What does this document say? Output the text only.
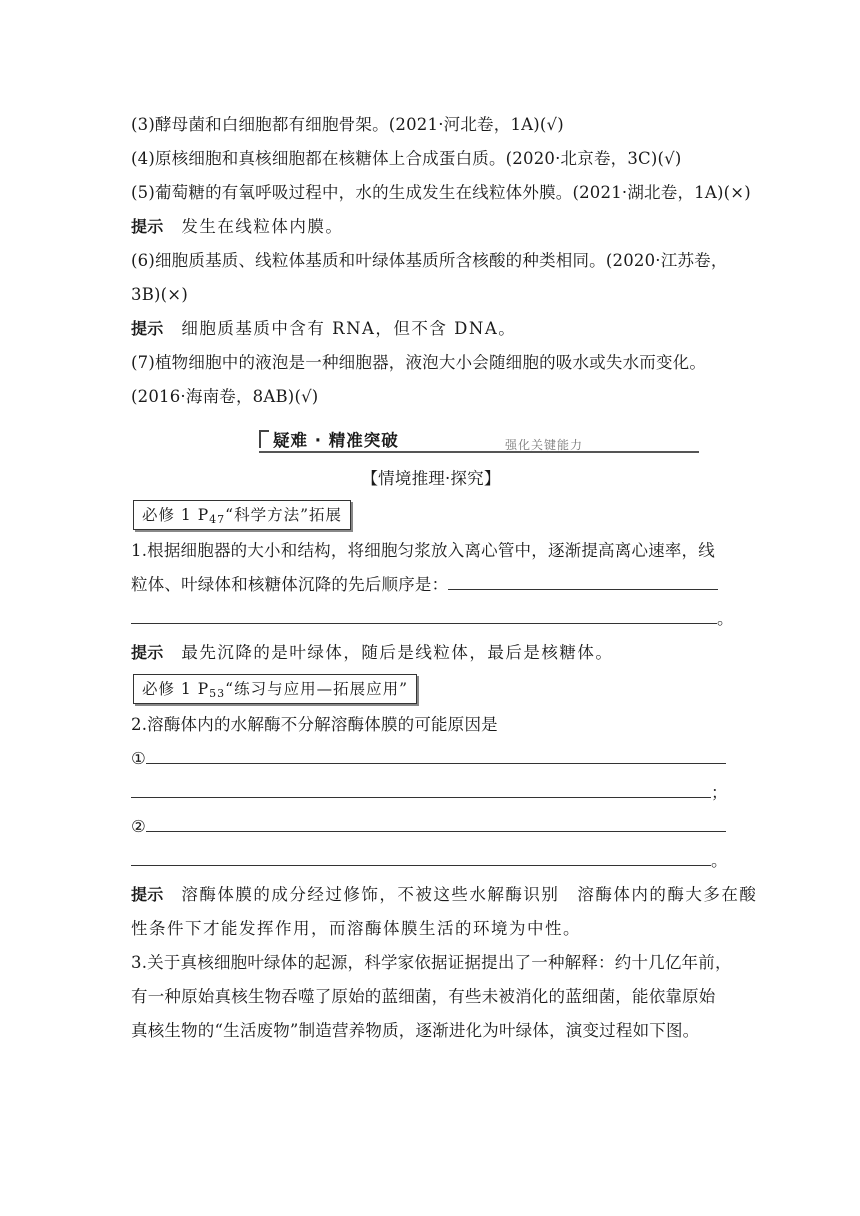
(3)酵母菌和白细胞都有细胞骨架。(2021·河北卷，1A)(√)
(4)原核细胞和真核细胞都在核糖体上合成蛋白质。(2020·北京卷，3C)(√)
(5)葡萄糖的有氧呼吸过程中，水的生成发生在线粒体外膜。(2021·湖北卷，1A)(×)
提示 发生在线粒体内膜。
(6)细胞质基质、线粒体基质和叶绿体基质所含核酸的种类相同。(2020·江苏卷，
3B)(×)
提示 细胞质基质中含有 RNA，但不含 DNA。
(7)植物细胞中的液泡是一种细胞器，液泡大小会随细胞的吸水或失水而变化。
(2016·海南卷，8AB)(√)
疑难 · 精准突破	强化关键能力
【情境推理·探究】
必修 1 $P_{47}“$科学方法”拓展
1.根据细胞器的大小和结构，将细胞匀浆放入离心管中，逐渐提高离心速率，线
粒体、叶绿体和核糖体沉降的先后顺序是：
。
提示 最先沉降的是叶绿体，随后是线粒体，最后是核糖体。
必修 1 $P_{53}“$练习与应用—拓展应用”
2.溶酶体内的水解酶不分解溶酶体膜的可能原因是
①
；
②
。
提示 溶酶体膜的成分经过修饰，不被这些水解酶识别　溶酶体内的酶大多在酸
性条件下才能发挥作用，而溶酶体膜生活的环境为中性。
3.关于真核细胞叶绿体的起源，科学家依据证据提出了一种解释：约十几亿年前，
有一种原始真核生物吞噬了原始的蓝细菌，有些未被消化的蓝细菌，能依靠原始
真核生物的“生活废物”制造营养物质，逐渐进化为叶绿体，演变过程如下图。
